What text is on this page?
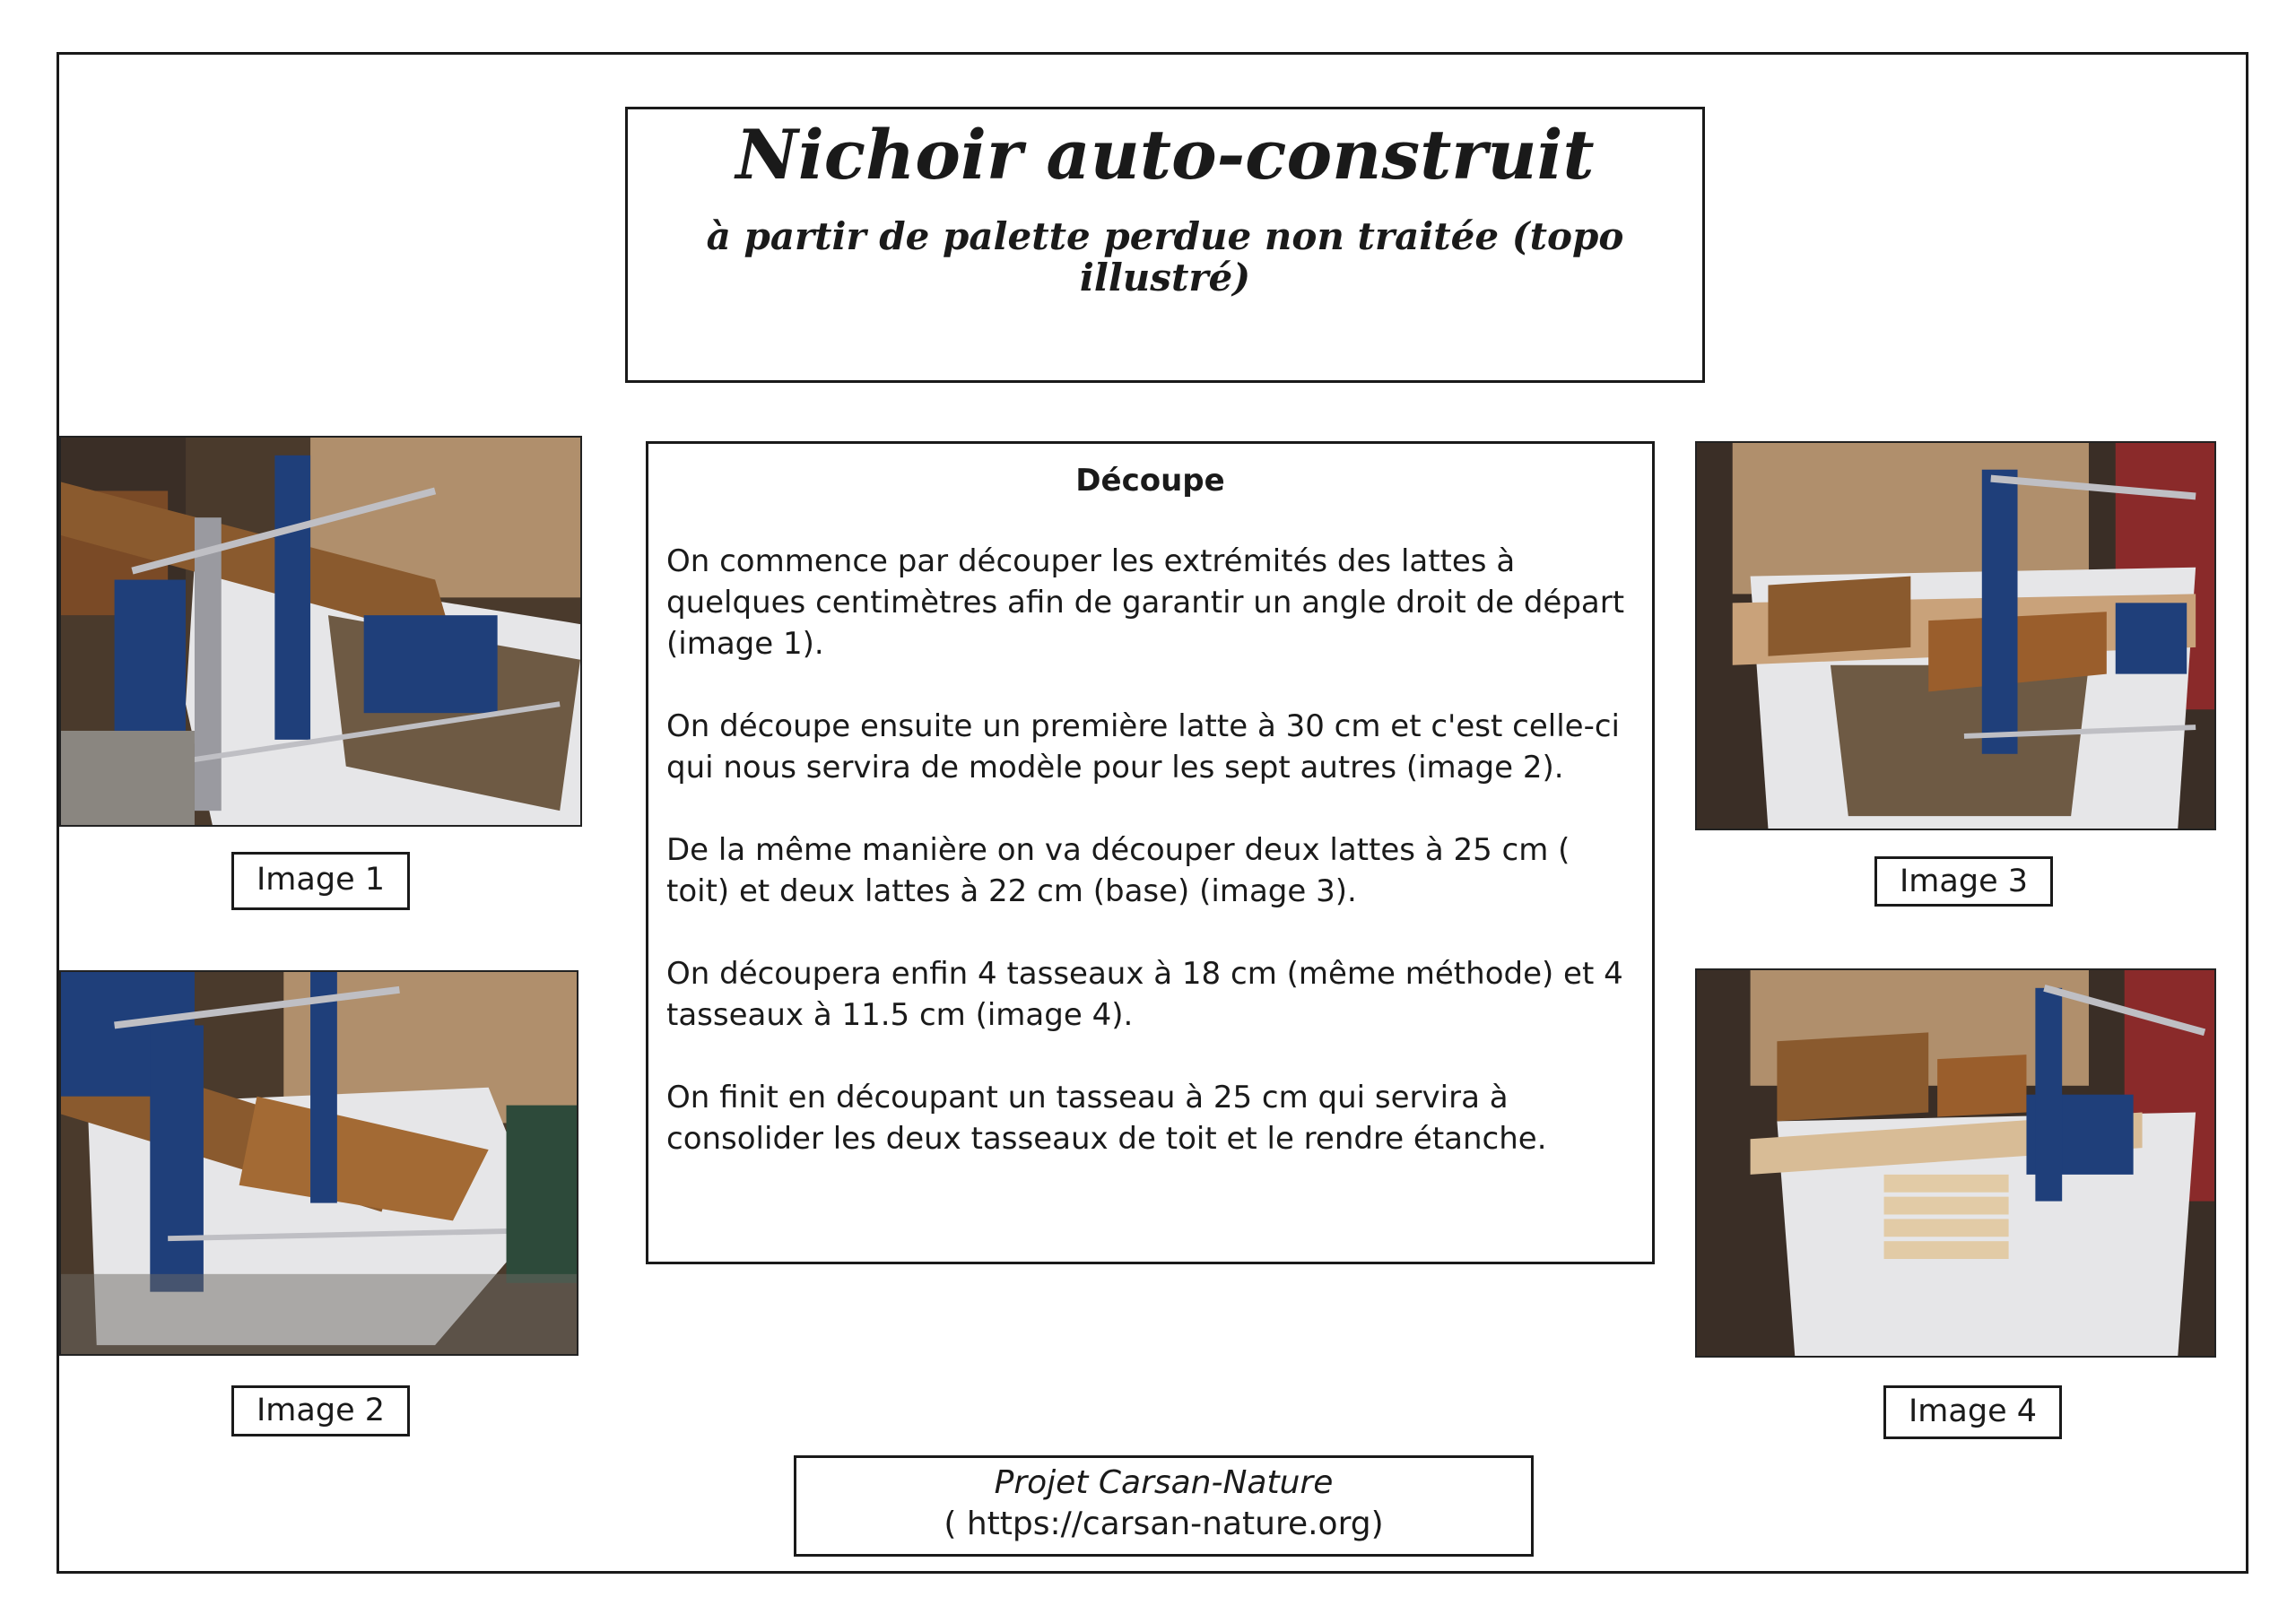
Nichoir auto-construit
à partir de palette perdue non traitée (topo illustré)
Image 1
Image 2
Découpe

On commence par découper les extrémités des lattes à quelques centimètres afin de garantir un angle droit de départ (image 1).

On découpe ensuite un première latte à 30 cm et c'est celle-ci qui nous servira de modèle pour les sept autres (image 2).

De la même manière on va découper deux lattes à 25 cm ( toit) et deux lattes à 22 cm (base) (image 3).

On découpera enfin 4 tasseaux à 18 cm (même méthode) et 4 tasseaux à 11.5 cm (image 4).

On finit en découpant un tasseau à 25 cm qui servira à consolider les deux tasseaux de toit et le rendre étanche.

Image 3
Image 4
Projet Carsan-Nature
( https://carsan-nature.org)
